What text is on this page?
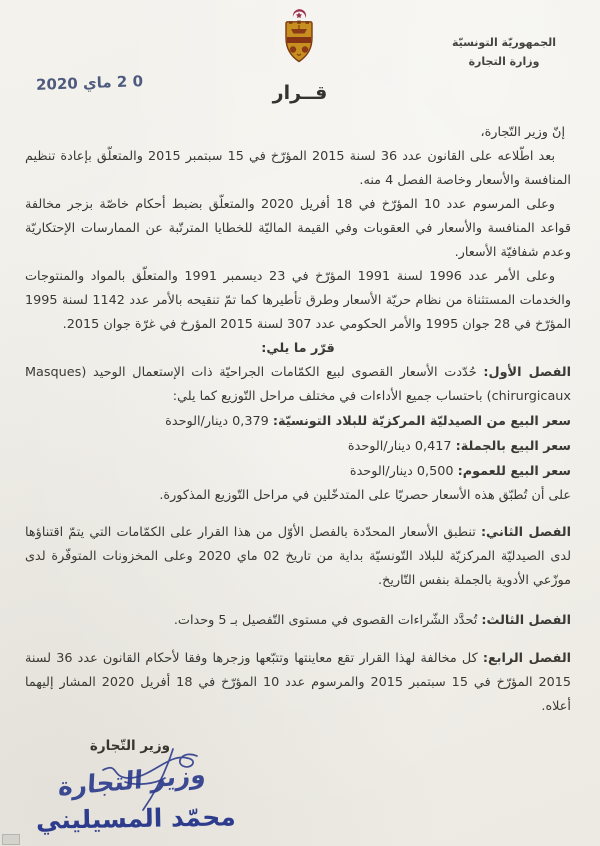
الجمهوريّة التونسيّة
وزارة التجارة
0 2 ماي 2020
قــرار

إنّ وزير التّجارة،

بعد اطّلاعه على القانون عدد 36 لسنة 2015 المؤرّخ في 15 سبتمبر 2015 والمتعلّق بإعادة تنظيم المنافسة والأسعار وخاصة الفصل 4 منه.

وعلى المرسوم عدد 10 المؤرّخ في 18 أفريل 2020 والمتعلّق بضبط أحكام خاصّة بزجر مخالفة قواعد المنافسة والأسعار في العقوبات وفي القيمة الماليّة للخطايا المترتّبة عن الممارسات الإحتكاريّة وعدم شفافيّة الأسعار.

وعلى الأمر عدد 1996 لسنة 1991 المؤرّخ في 23 ديسمبر 1991 والمتعلّق بالمواد والمنتوجات والخدمات المستثناة من نظام حريّة الأسعار وطرق تأطيرها كما تمّ تنقيحه بالأمر عدد 1142 لسنة 1995 المؤرّخ في 28 جوان 1995 والأمر الحكومي عدد 307 لسنة 2015 المؤرخ في غرّة جوان 2015.

قرّر ما يلي:

الفصل الأول: حُدّدت الأسعار القصوى لبيع الكمّامات الجراحيّة ذات الإستعمال الوحيد (Masques chirurgicaux) باحتساب جميع الأداءات في مختلف مراحل التّوزيع كما يلي:

سعر البيع من الصيدليّة المركزيّة للبلاد التونسيّة: 0,379 دينار/الوحدة

سعر البيع بالجملة: 0,417 دينار/الوحدة

سعر البيع للعموم: 0,500 دينار/الوحدة

على أن تُطبّق هذه الأسعار حصريّا على المتدخّلين في مراحل التّوزيع المذكورة.

الفصل الثاني: تنطبق الأسعار المحدّدة بالفصل الأوّل من هذا القرار على الكمّامات التي يتمّ اقتناؤها لدى الصيدليّة المركزيّة للبلاد التّونسيّة بداية من تاريخ 02 ماي 2020 وعلى المخزونات المتوفّرة لدى موزّعي الأدوية بالجملة بنفس التّاريخ.

الفصل الثالث: تُحدَّد الشّراءات القصوى في مستوى التّفصيل بـ 5 وحدات.

الفصل الرابع: كل مخالفة لهذا القرار تقع معاينتها وتتبّعها وزجرها وفقا لأحكام القانون عدد 36 لسنة 2015 المؤرّخ في 15 سبتمبر 2015 والمرسوم عدد 10 المؤرّخ في 18 أفريل 2020 المشار إليهما أعلاه.

وزير التّجارة
وزير التجارة
محمّد المسيليني
